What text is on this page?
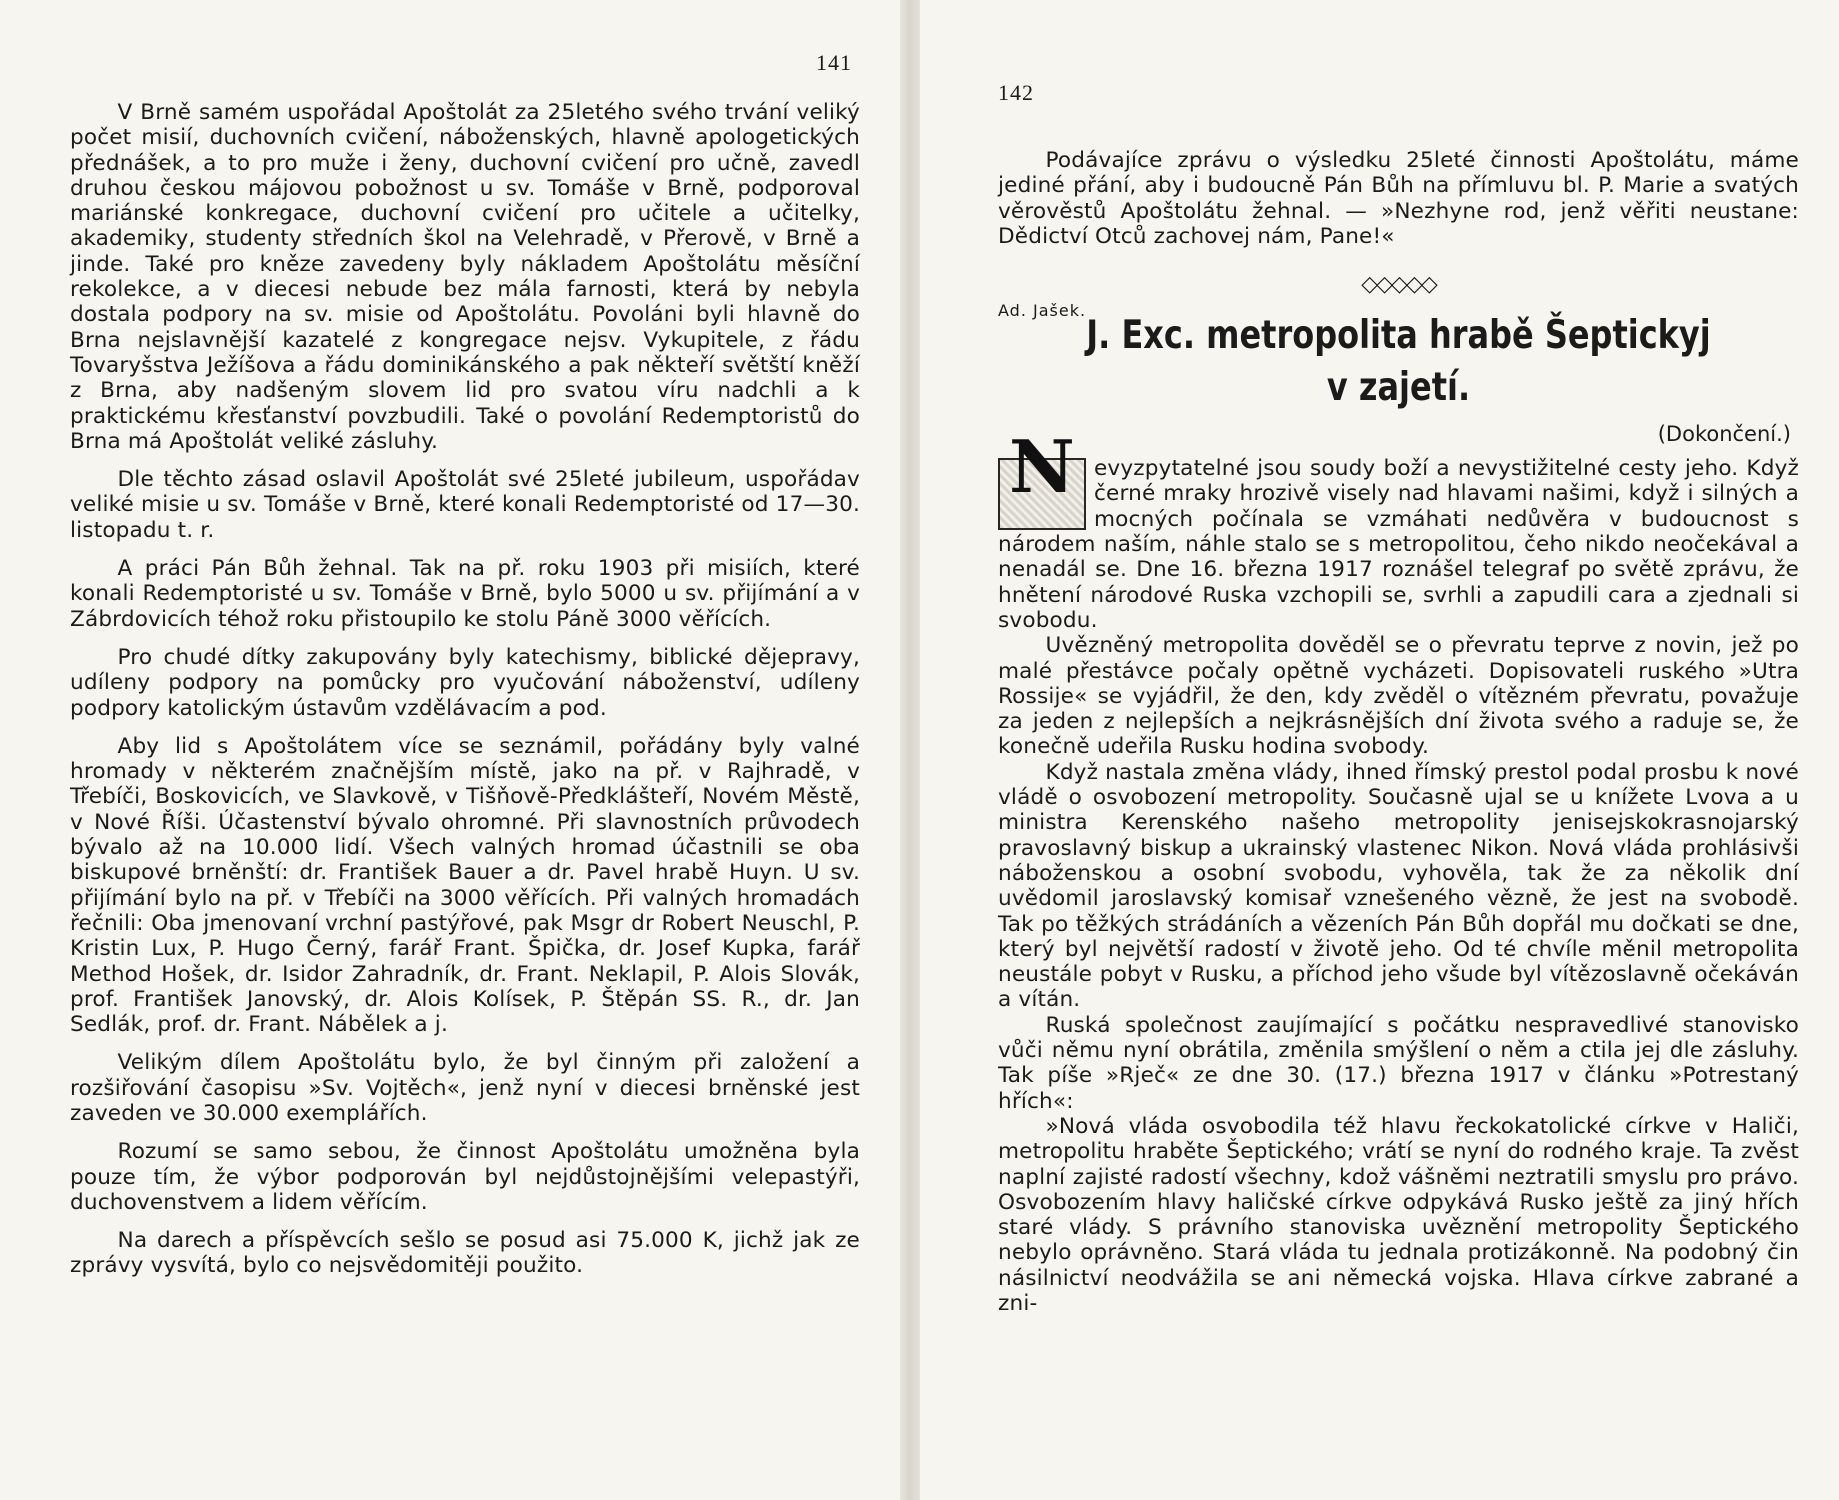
141

V Brně samém uspořádal Apoštolát za 25letého svého trvání veliký počet misií, duchovních cvičení, náboženských, hlavně apologetických přednášek, a to pro muže i ženy, duchovní cvičení pro učně, zavedl druhou českou májovou pobožnost u sv. Tomáše v Brně, podporoval mariánské konkregace, duchovní cvičení pro učitele a učitelky, akademiky, studenty středních škol na Velehradě, v Přerově, v Brně a jinde. Také pro kněze zavedeny byly nákladem Apoštolátu měsíční rekolekce, a v diecesi nebude bez mála farnosti, která by nebyla dostala podpory na sv. misie od Apoštolátu. Povoláni byli hlavně do Brna nejslavnější kazatelé z kongregace nejsv. Vykupitele, z řádu Tovaryšstva Ježíšova a řádu dominikánského a pak někteří světští kněží z Brna, aby nadšeným slovem lid pro svatou víru nadchli a k praktickému křesťanství povzbudili. Také o povolání Redemptoristů do Brna má Apoštolát veliké zásluhy.

Dle těchto zásad oslavil Apoštolát své 25leté jubileum, uspořádav veliké misie u sv. Tomáše v Brně, které konali Redemptoristé od 17—30. listopadu t. r.

A práci Pán Bůh žehnal. Tak na př. roku 1903 při misiích, které konali Redemptoristé u sv. Tomáše v Brně, bylo 5000 u sv. přijímání a v Zábrdovicích téhož roku přistoupilo ke stolu Páně 3000 věřících.

Pro chudé dítky zakupovány byly katechismy, biblické dějepravy, udíleny podpory na pomůcky pro vyučování náboženství, udíleny podpory katolickým ústavům vzdělávacím a pod.

Aby lid s Apoštolátem více se seznámil, pořádány byly valné hromady v některém značnějším místě, jako na př. v Rajhradě, v Třebíči, Boskovicích, ve Slavkově, v Tišňově-Předklášteří, Novém Městě, v Nové Říši. Účastenství bývalo ohromné. Při slavnostních průvodech bývalo až na 10.000 lidí. Všech valných hromad účastnili se oba biskupové brněnští: dr. František Bauer a dr. Pavel hrabě Huyn. U sv. přijímání bylo na př. v Třebíči na 3000 věřících. Při valných hromadách řečnili: Oba jmenovaní vrchní pastýřové, pak Msgr dr Robert Neuschl, P. Kristin Lux, P. Hugo Černý, farář Frant. Špička, dr. Josef Kupka, farář Method Hošek, dr. Isidor Zahradník, dr. Frant. Neklapil, P. Alois Slovák, prof. František Janovský, dr. Alois Kolísek, P. Štěpán SS. R., dr. Jan Sedlák, prof. dr. Frant. Nábělek a j.

Velikým dílem Apoštolátu bylo, že byl činným při založení a rozšiřování časopisu »Sv. Vojtěch«, jenž nyní v diecesi brněnské jest zaveden ve 30.000 exemplářích.

Rozumí se samo sebou, že činnost Apoštolátu umožněna byla pouze tím, že výbor podporován byl nejdůstojnějšími velepastýři, duchovenstvem a lidem věřícím.

Na darech a příspěvcích sešlo se posud asi 75.000 K, jichž jak ze zprávy vysvítá, bylo co nejsvědomitěji použito.

142

Podávajíce zprávu o výsledku 25leté činnosti Apoštolátu, máme jediné přání, aby i budoucně Pán Bůh na přímluvu bl. P. Marie a svatých věrověstů Apoštolátu žehnal. — »Nezhyne rod, jenž věřiti neustane: Dědictví Otců zachovej nám, Pane!«

◇◇◇◇◇
Ad. Jašek.
J. Exc. metropolita hrabě Šeptickyj
v zajetí.
(Dokončení.)

N evyzpytatelné jsou soudy boží a nevystižitelné cesty jeho. Když černé mraky hrozivě visely nad hlavami našimi, když i silných a mocných počínala se vzmáhati nedůvěra v budoucnost s národem naším, náhle stalo se s metropolitou, čeho nikdo neočekával a nenadál se. Dne 16. března 1917 roznášel telegraf po světě zprávu, že hnětení národové Ruska vzchopili se, svrhli a zapudili cara a zjednali si svobodu.

Uvězněný metropolita dověděl se o převratu teprve z novin, jež po malé přestávce počaly opětně vycházeti. Dopisovateli ruského »Utra Rossije« se vyjádřil, že den, kdy zvěděl o vítězném převratu, považuje za jeden z nejlepších a nejkrásnějších dní života svého a raduje se, že konečně udeřila Rusku hodina svobody.

Když nastala změna vlády, ihned římský prestol podal prosbu k nové vládě o osvobození metropolity. Současně ujal se u knížete Lvova a u ministra Kerenského našeho metropolity jenisejskokrasnojarský pravoslavný biskup a ukrainský vlastenec Nikon. Nová vláda prohlásivši náboženskou a osobní svobodu, vyhověla, tak že za několik dní uvědomil jaroslavský komisař vznešeného vězně, že jest na svobodě. Tak po těžkých strádáních a vězeních Pán Bůh dopřál mu dočkati se dne, který byl největší radostí v životě jeho. Od té chvíle měnil metropolita neustále pobyt v Rusku, a příchod jeho všude byl vítězoslavně očekáván a vítán.

Ruská společnost zaujímající s počátku nespravedlivé stanovisko vůči němu nyní obrátila, změnila smýšlení o něm a ctila jej dle zásluhy. Tak píše »Rječ« ze dne 30. (17.) března 1917 v článku »Potrestaný hřích«:

»Nová vláda osvobodila též hlavu řeckokatolické církve v Haliči, metropolitu hraběte Šeptického; vrátí se nyní do rodného kraje. Ta zvěst naplní zajisté radostí všechny, kdož vášněmi neztratili smyslu pro právo. Osvobozením hlavy haličské církve odpykává Rusko ještě za jiný hřích staré vlády. S právního stanoviska uvěznění metropolity Šeptického nebylo oprávněno. Stará vláda tu jednala protizákonně. Na podobný čin násilnictví neodvážila se ani německá vojska. Hlava církve zabrané a zni-
